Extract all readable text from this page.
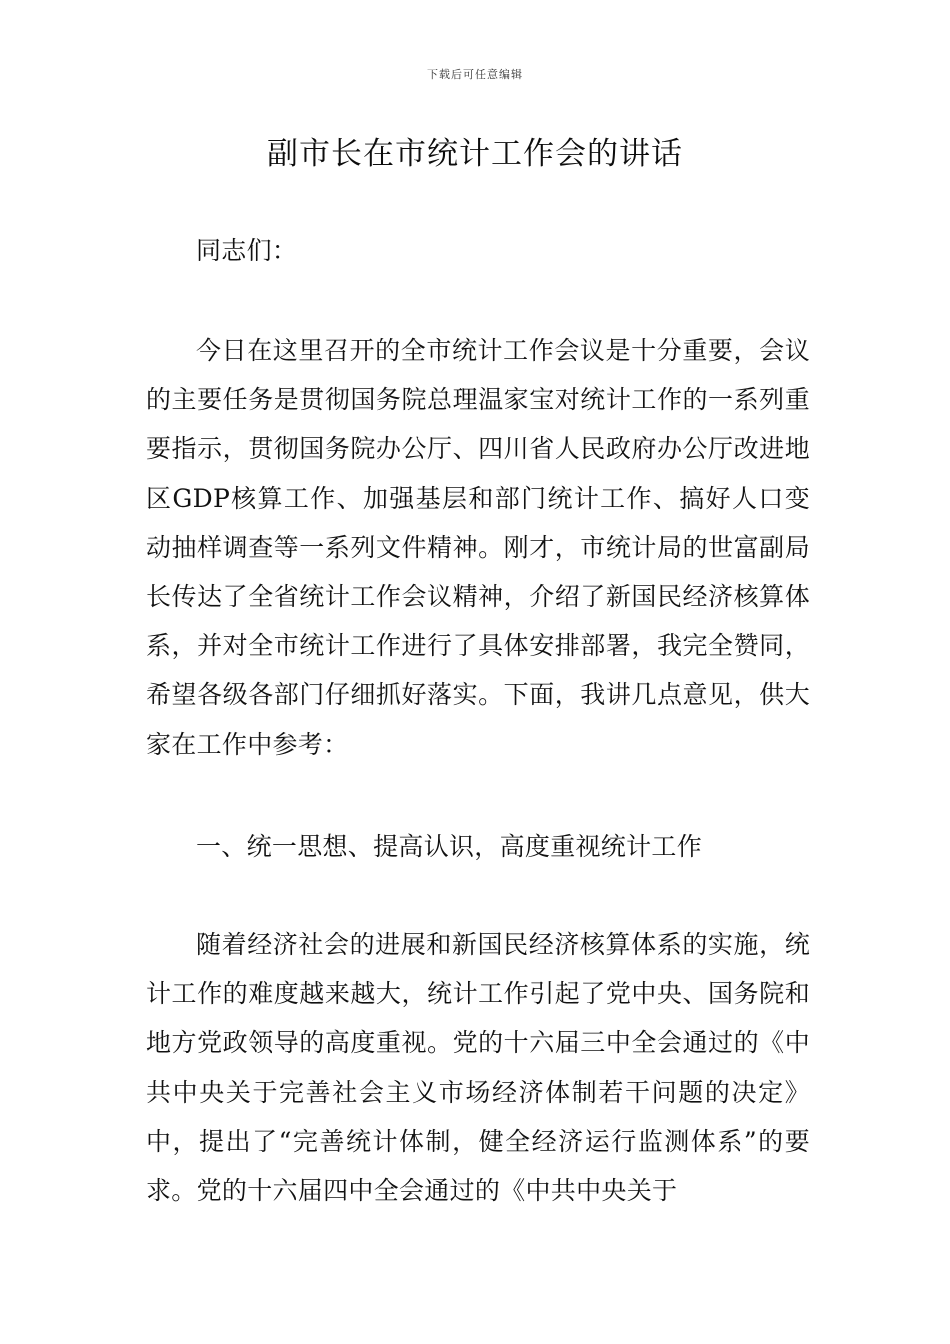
下载后可任意编辑
副市长在市统计工作会的讲话

同志们：

今日在这里召开的全市统计工作会议是十分重要，会议的主要任务是贯彻国务院总理温家宝对统计工作的一系列重要指示，贯彻国务院办公厅、四川省人民政府办公厅改进地区GDP核算工作、加强基层和部门统计工作、搞好人口变动抽样调查等一系列文件精神。刚才，市统计局的世富副局长传达了全省统计工作会议精神，介绍了新国民经济核算体系，并对全市统计工作进行了具体安排部署，我完全赞同，希望各级各部门仔细抓好落实。下面，我讲几点意见，供大家在工作中参考：

一、统一思想、提高认识，高度重视统计工作

随着经济社会的进展和新国民经济核算体系的实施，统计工作的难度越来越大，统计工作引起了党中央、国务院和地方党政领导的高度重视。党的十六届三中全会通过的《中共中央关于完善社会主义市场经济体制若干问题的决定》中，提出了“完善统计体制，健全经济运行监测体系”的要求。党的十六届四中全会通过的《中共中央关于
